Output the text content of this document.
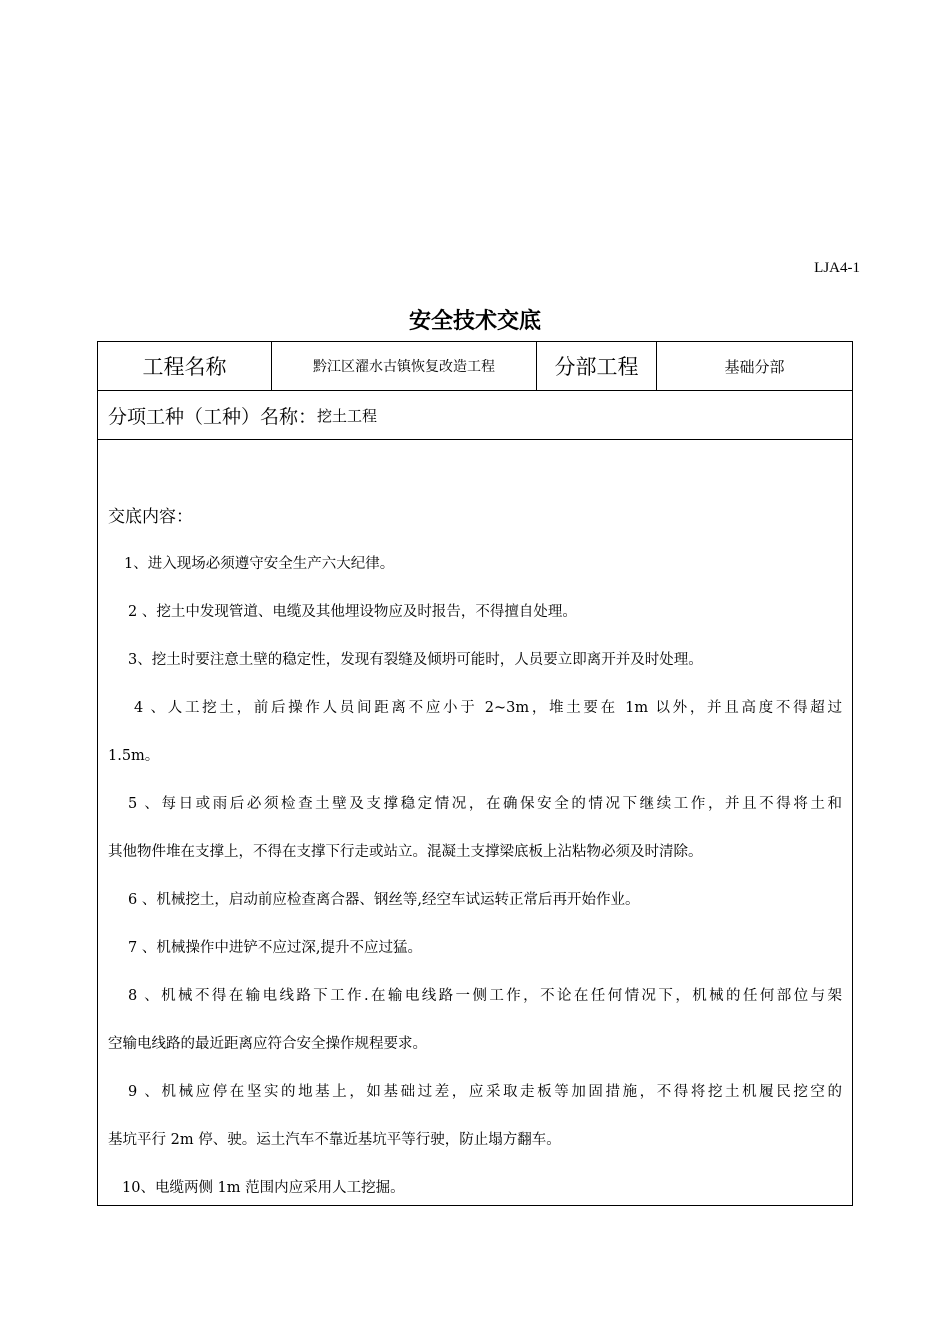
LJA4-1
安全技术交底
工程名称	黔江区濯水古镇恢复改造工程	分部工程	基础分部
分项工种（工种）名称： 挖土工程
交底内容：
1、进入现场必须遵守安全生产六大纪律。
2 、挖土中发现管道、电缆及其他埋设物应及时报告，不得擅自处理。
3、挖土时要注意土壁的稳定性，发现有裂缝及倾坍可能时，人员要立即离开并及时处理。
4 、人工挖土，前后操作人员间距离不应小于 2~3m，堆土要在 1m 以外，并且高度不得超过
1.5m。
5 、每日或雨后必须检查土壁及支撑稳定情况，在确保安全的情况下继续工作，并且不得将土和
其他物件堆在支撑上，不得在支撑下行走或站立。混凝土支撑梁底板上沾粘物必须及时清除。
6 、机械挖土，启动前应检查离合器、钢丝等,经空车试运转正常后再开始作业。
7 、机械操作中进铲不应过深,提升不应过猛。
8 、机械不得在输电线路下工作.在输电线路一侧工作，不论在任何情况下，机械的任何部位与架
空输电线路的最近距离应符合安全操作规程要求。
9 、机械应停在坚实的地基上，如基础过差，应采取走板等加固措施，不得将挖土机履民挖空的
基坑平行 2m 停、驶。运土汽车不靠近基坑平等行驶，防止塌方翻车。
10、电缆两侧 1m 范围内应采用人工挖掘。
